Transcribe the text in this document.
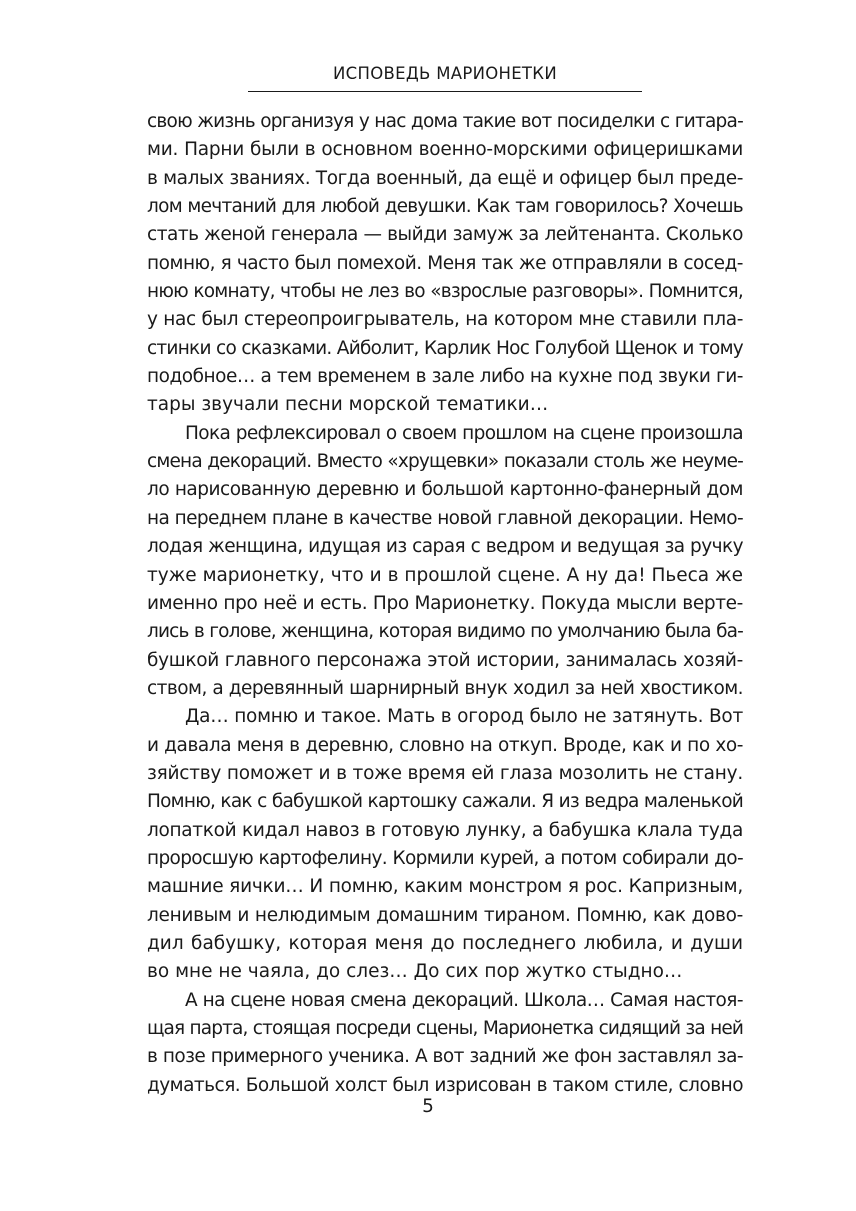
ИСПОВЕДЬ МАРИОНЕТКИ
свою жизнь организуя у нас дома такие вот посиделки с гитара-
ми. Парни были в основном военно-морскими офицеришками
в малых званиях. Тогда военный, да ещё и офицер был преде-
лом мечтаний для любой девушки. Как там говорилось? Хочешь
стать женой генерала — выйди замуж за лейтенанта. Сколько
помню, я часто был помехой. Меня так же отправляли в сосед-
нюю комнату, чтобы не лез во «взрослые разговоры». Помнится,
у нас был стереопроигрыватель, на котором мне ставили пла-
стинки со сказками. Айболит, Карлик Нос Голубой Щенок и тому
подобное… а тем временем в зале либо на кухне под звуки ги-
тары звучали песни морской тематики…
Пока рефлексировал о своем прошлом на сцене произошла
смена декораций. Вместо «хрущевки» показали столь же неуме-
ло нарисованную деревню и большой картонно-фанерный дом
на переднем плане в качестве новой главной декорации. Немо-
лодая женщина, идущая из сарая с ведром и ведущая за ручку
туже марионетку, что и в прошлой сцене. А ну да! Пьеса же
именно про неё и есть. Про Марионетку. Покуда мысли верте-
лись в голове, женщина, которая видимо по умолчанию была ба-
бушкой главного персонажа этой истории, занималась хозяй-
ством, а деревянный шарнирный внук ходил за ней хвостиком.
Да… помню и такое. Мать в огород было не затянуть. Вот
и давала меня в деревню, словно на откуп. Вроде, как и по хо-
зяйству поможет и в тоже время ей глаза мозолить не стану.
Помню, как с бабушкой картошку сажали. Я из ведра маленькой
лопаткой кидал навоз в готовую лунку, а бабушка клала туда
проросшую картофелину. Кормили курей, а потом собирали до-
машние яички… И помню, каким монстром я рос. Капризным,
ленивым и нелюдимым домашним тираном. Помню, как дово-
дил бабушку, которая меня до последнего любила, и души
во мне не чаяла, до слез… До сих пор жутко стыдно…
А на сцене новая смена декораций. Школа… Самая настоя-
щая парта, стоящая посреди сцены, Марионетка сидящий за ней
в позе примерного ученика. А вот задний же фон заставлял за-
думаться. Большой холст был изрисован в таком стиле, словно
5
